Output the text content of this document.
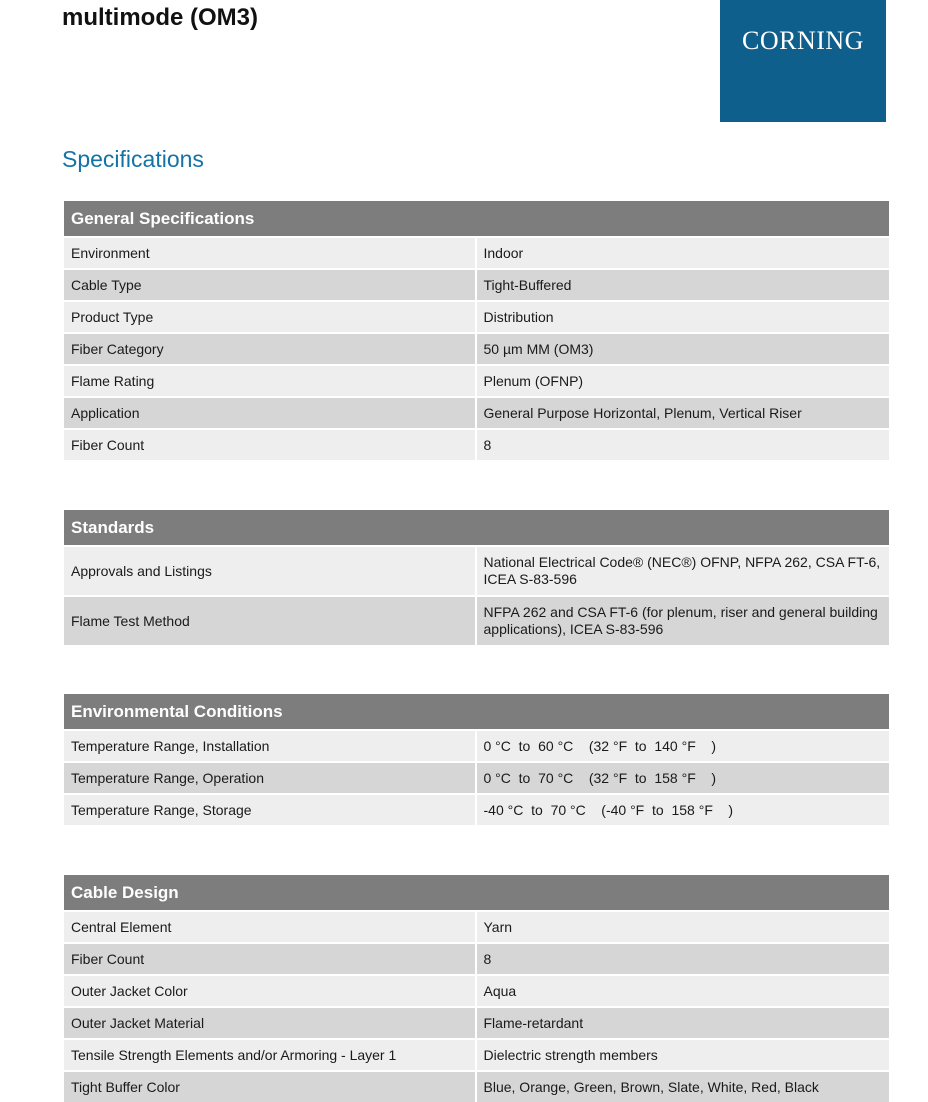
multimode (OM3)
CORNING
Specifications
General Specifications	
Environment	Indoor
Cable Type	Tight-Buffered
Product Type	Distribution
Fiber Category	50 µm MM (OM3)
Flame Rating	Plenum (OFNP)
Application	General Purpose Horizontal, Plenum, Vertical Riser
Fiber Count	8
Standards	
Approvals and Listings	National Electrical Code® (NEC®) OFNP, NFPA 262, CSA FT-6, ICEA S-83-596
Flame Test Method	NFPA 262 and CSA FT-6 (for plenum, riser and general building applications), ICEA S-83-596
Environmental Conditions	
Temperature Range, Installation	0 °C  to  60 °C    (32 °F  to  140 °F    )
Temperature Range, Operation	0 °C  to  70 °C    (32 °F  to  158 °F    )
Temperature Range, Storage	-40 °C  to  70 °C    (-40 °F  to  158 °F    )
Cable Design	
Central Element	Yarn
Fiber Count	8
Outer Jacket Color	Aqua
Outer Jacket Material	Flame-retardant
Tensile Strength Elements and/or Armoring - Layer 1	Dielectric strength members
Tight Buffer Color	Blue, Orange, Green, Brown, Slate, White, Red, Black
